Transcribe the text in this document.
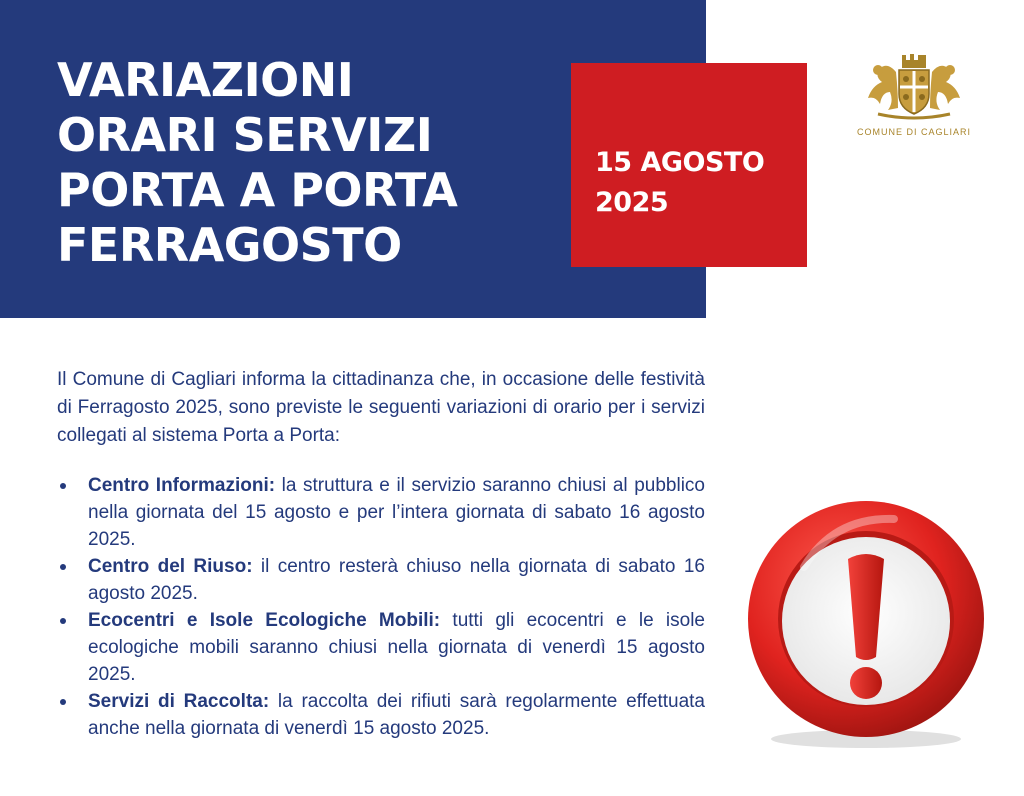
VARIAZIONI
ORARI SERVIZI
PORTA A PORTA
FERRAGOSTO

15 AGOSTO
2025

COMUNE DI CAGLIARI

Il Comune di Cagliari informa la cittadinanza che, in occasione delle festività di Ferragosto 2025, sono previste le seguenti variazioni di orario per i servizi collegati al sistema Porta a Porta:

Centro Informazioni: la struttura e il servizio saranno chiusi al pubblico nella giornata del 15 agosto e per l’intera giornata di sabato 16 agosto 2025.
Centro del Riuso: il centro resterà chiuso nella giornata di sabato 16 agosto 2025.
Ecocentri e Isole Ecologiche Mobili: tutti gli ecocentri e le isole ecologiche mobili saranno chiusi nella giornata di venerdì 15 agosto 2025.
Servizi di Raccolta: la raccolta dei rifiuti sarà regolarmente effettuata anche nella giornata di venerdì 15 agosto 2025.
